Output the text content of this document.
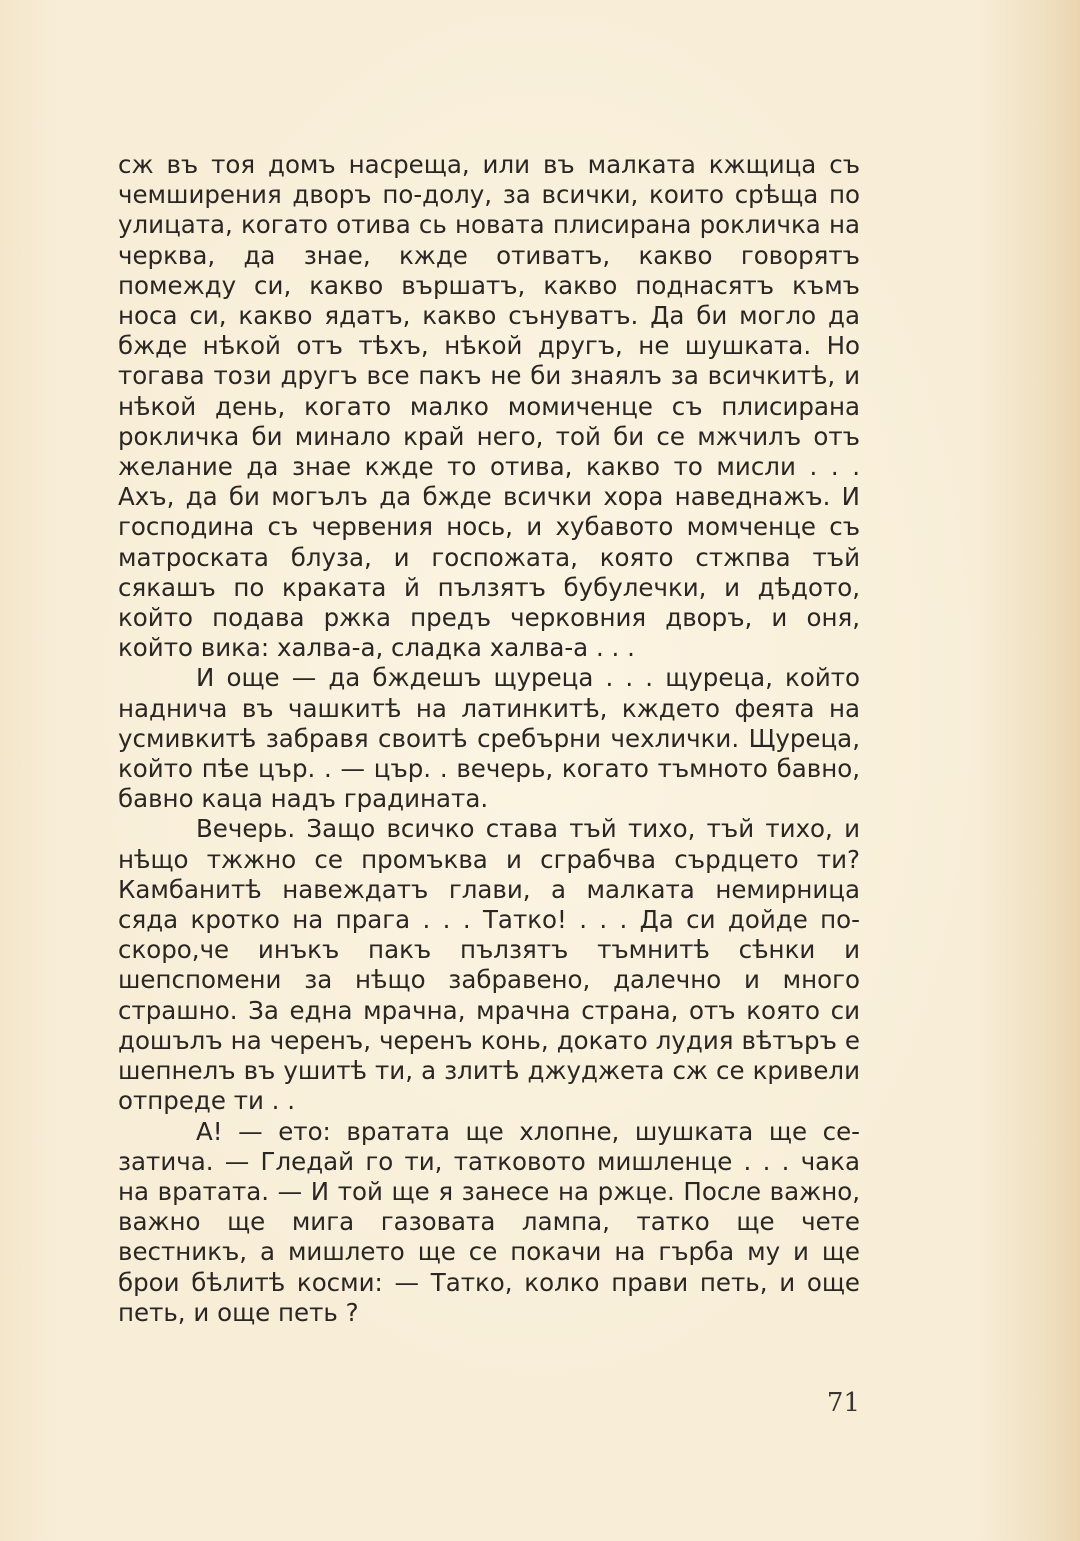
сж въ тоя домъ насреща, или въ малката кжщица съ чемширения дворъ по-долу, за всички, които срѣща по улицата, когато отива сь новата плисирана рокличка на черква, да знае, кжде отиватъ, какво говорятъ помежду си, какво вършатъ, какво поднасятъ къмъ носа си, какво ядатъ, какво сънуватъ. Да би могло да бжде нѣкой отъ тѣхъ, нѣкой другъ, не шушката. Но тогава този другъ все пакъ не би знаялъ за всичкитѣ, и нѣкой день, когато малко момиченце съ плисирана рокличка би минало край него, той би се мжчилъ отъ желание да знае кжде то отива, какво то мисли . . . Ахъ, да би могълъ да бжде всички хора наведнажъ. И господина съ червения нось, и хубавото момченце съ матроската блуза, и госпожата, която стжпва тъй сякашъ по краката й пълзятъ бубулечки, и дѣдото, който подава ржка предъ черковния дворъ, и оня, който вика: халва-а, сладка халва-а . . .

И още — да бждешъ щуреца . . . щуреца, който надничa въ чашкитѣ на латинкитѣ, кждето феята на усмивкитѣ забравя своитѣ сребърни чехлички. Щуреца, който пѣе цър. . — цър. . вечерь, когато тъмното бавно, бавно каца надъ градината.

Вечерь. Защо всичко става тъй тихо, тъй тихо, и нѣщо тжжно се промъква и сграбчва сърдцето ти? Камбанитѣ навеждатъ глави, а малката немирница сяда кротко на прага . . . Татко! . . . Да си дойде по-скоро,че инъкъ пакъ пълзятъ тъмнитѣ сѣнки и шепспомени за нѣщо забравено, далечно и много страшно. За една мрачна, мрачна страна, отъ която си дошълъ на черенъ, черенъ конь, докато лудия вѣтъръ е шепнелъ въ ушитѣ ти, а злитѣ джуджета сж се кривели отпреде ти . .

А! — ето: вратата ще хлопне, шушката ще се-затичa. — Гледай го ти, татковото мишленце . . . чака на вратата. — И той ще я занесе на ржце. После важно, важно ще мига газовата лампа, татко ще чете вестникъ, а мишлето ще се покачи на гърба му и ще брои бѣлитѣ косми: — Татко, колко прави петь, и още петь, и още петь ?

71
